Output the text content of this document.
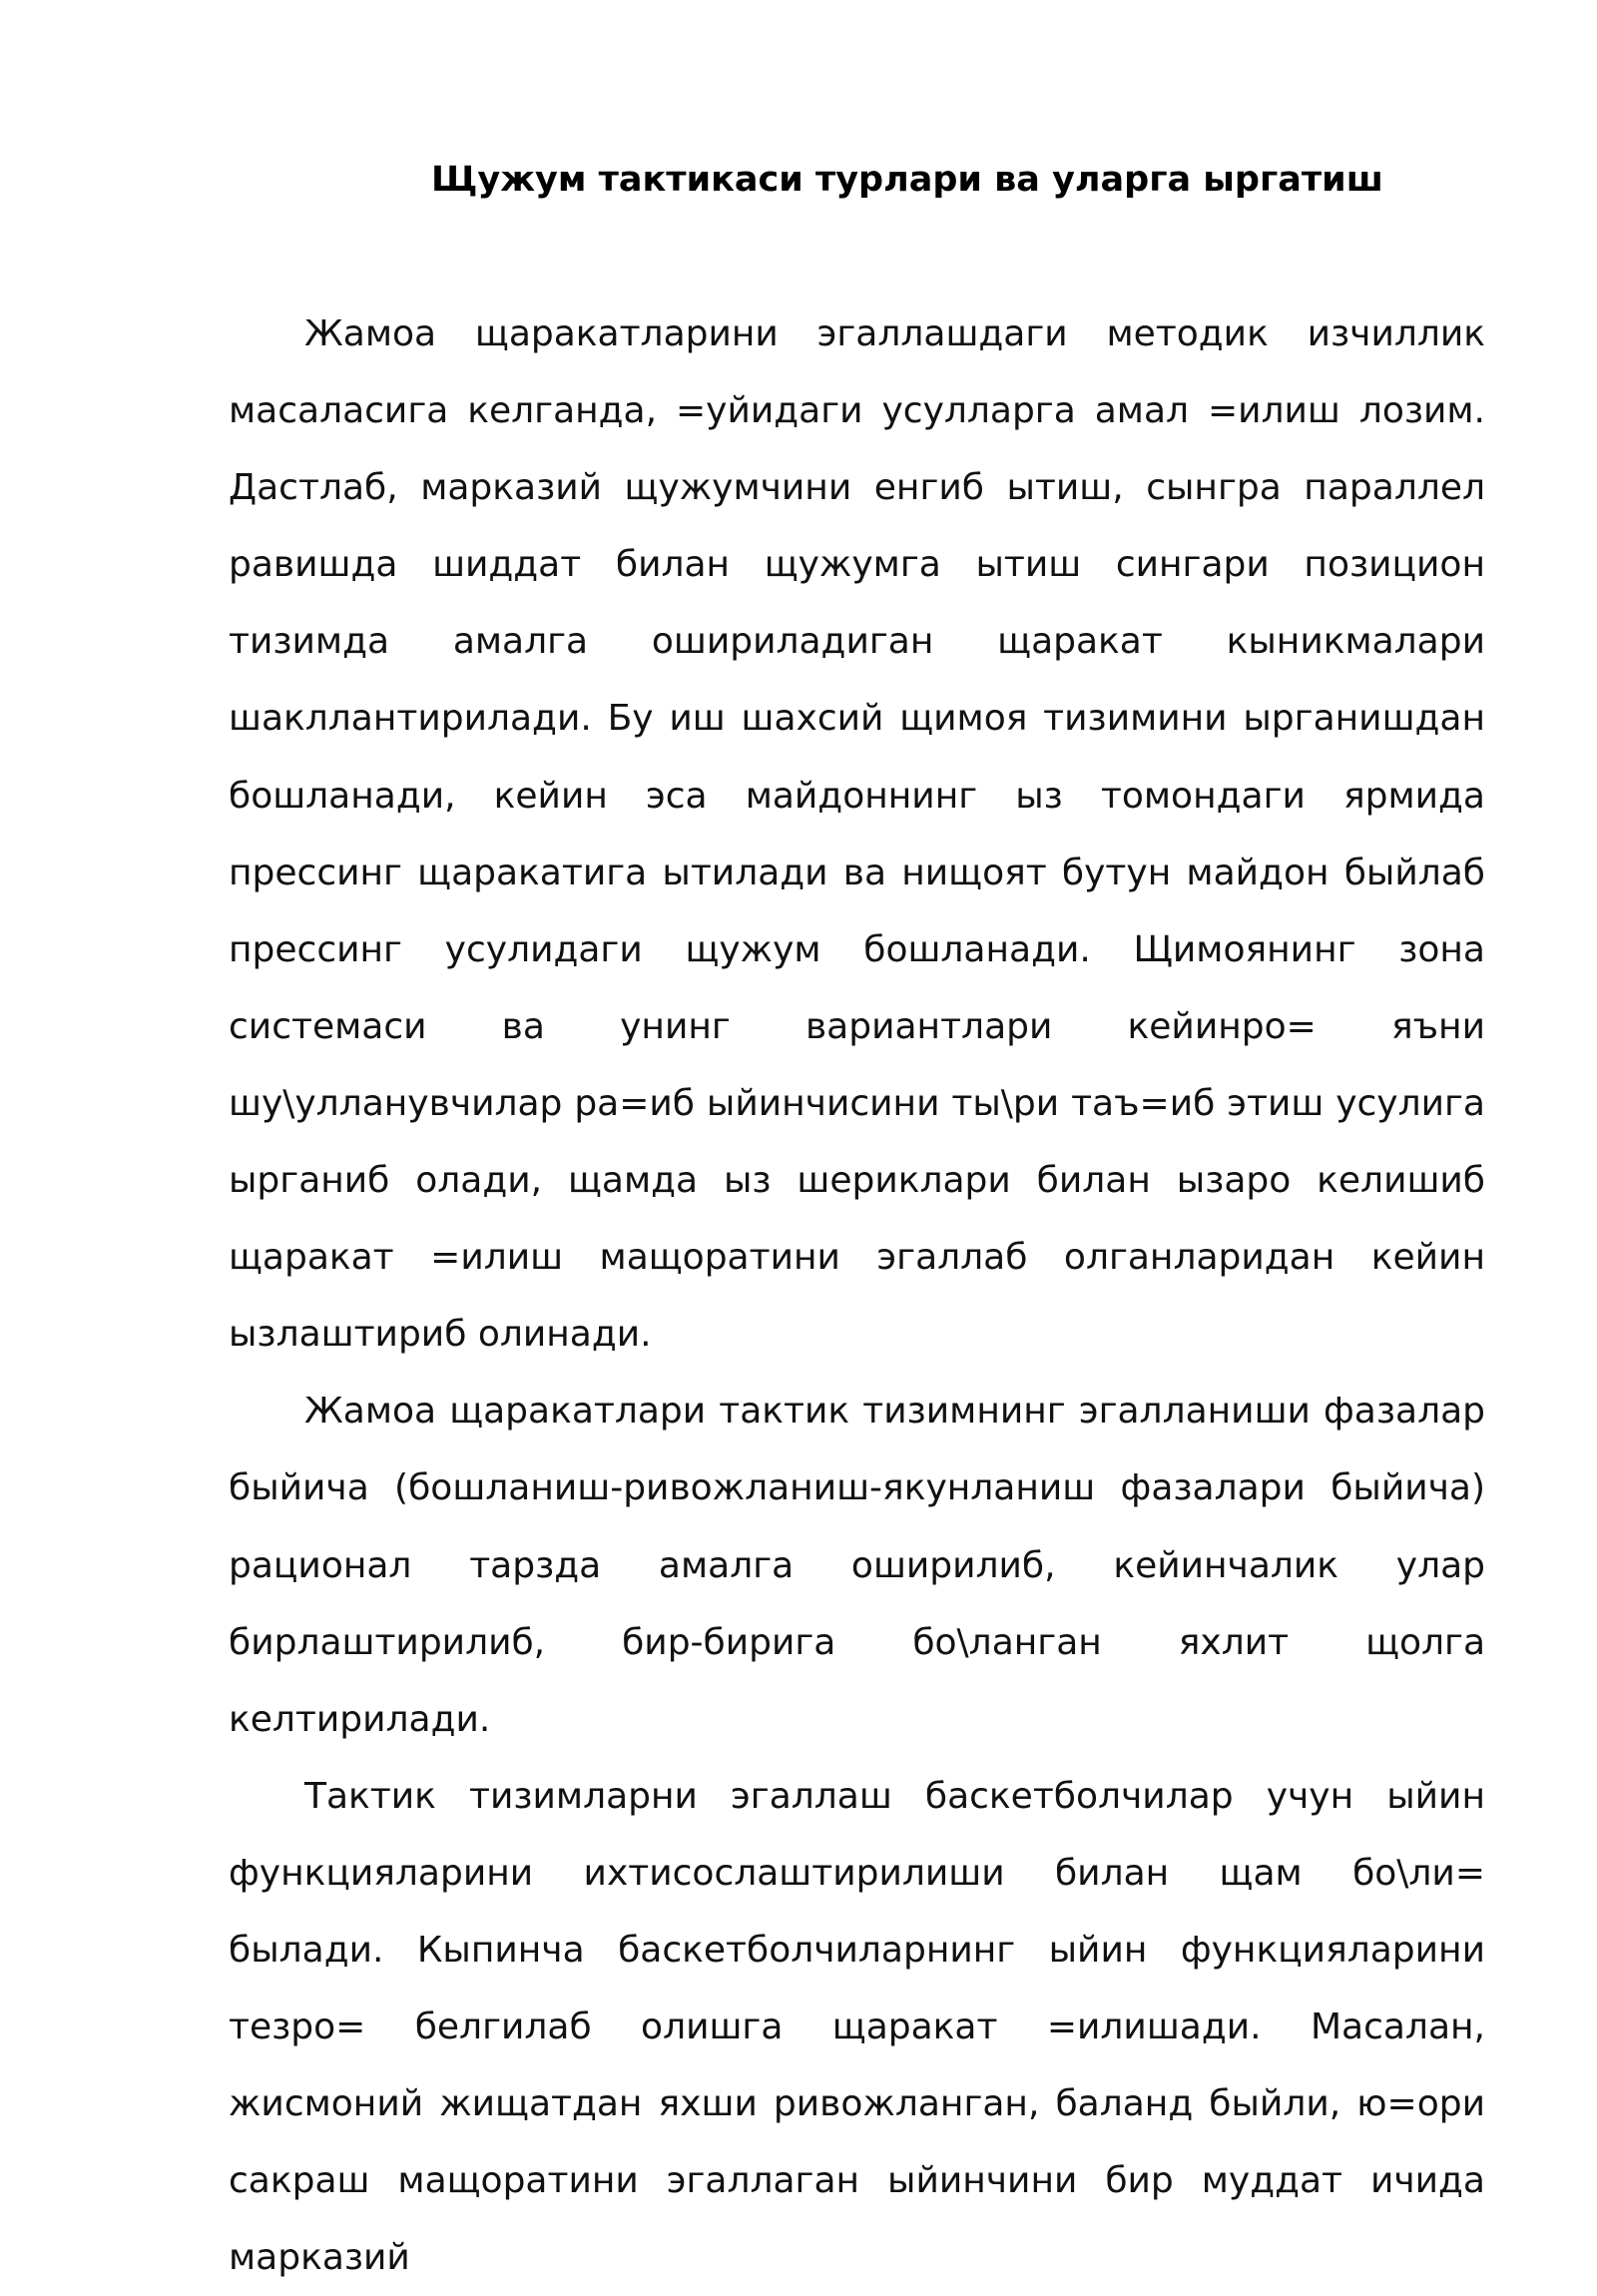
Щужум тактикаси турлари ва уларга ыргатиш

Жамоа щаракатларини эгаллашдаги методик изчиллик масаласига келганда, =уйидаги усулларга амал =илиш лозим. Дастлаб, марказий щужумчини енгиб ытиш, сынгра параллел равишда шиддат билан щужумга ытиш сингари позицион тизимда амалга ошириладиган щаракат кыникмалари шакллантирилади. Бу иш шахсий щимоя тизимини ырганишдан бошланади, кейин эса майдоннинг ыз томондаги ярмида прессинг щаракатига ытилади ва нищоят бутун майдон быйлаб прессинг усулидаги щужум бошланади. Щимоянинг зона системаси ва унинг вариантлари кейинро= яъни шу\улланувчилар ра=иб ыйинчисини ты\ри таъ=иб этиш усулига ырганиб олади, щамда ыз шериклари билан ызаро келишиб щаракат =илиш мащоратини эгаллаб олганларидан кейин ызлаштириб олинади.

Жамоа щаракатлари тактик тизимнинг эгалланиши фазалар быйича (бошланиш-ривожланиш-якунланиш фазалари быйича) рационал тарзда амалга оширилиб, кейинчалик улар бирлаштирилиб, бир-бирига бо\ланган яхлит щолга келтирилади.

Тактик тизимларни эгаллаш баскетболчилар учун ыйин функцияларини ихтисослаштирилиши билан щам бо\ли= былади. Кыпинча баскетболчиларнинг ыйин функцияларини тезро= белгилаб олишга щаракат =илишади. Масалан, жисмоний жищатдан яхши ривожланган, баланд быйли, ю=ори сакраш мащоратини эгаллаган ыйинчини бир муддат ичида марказий
